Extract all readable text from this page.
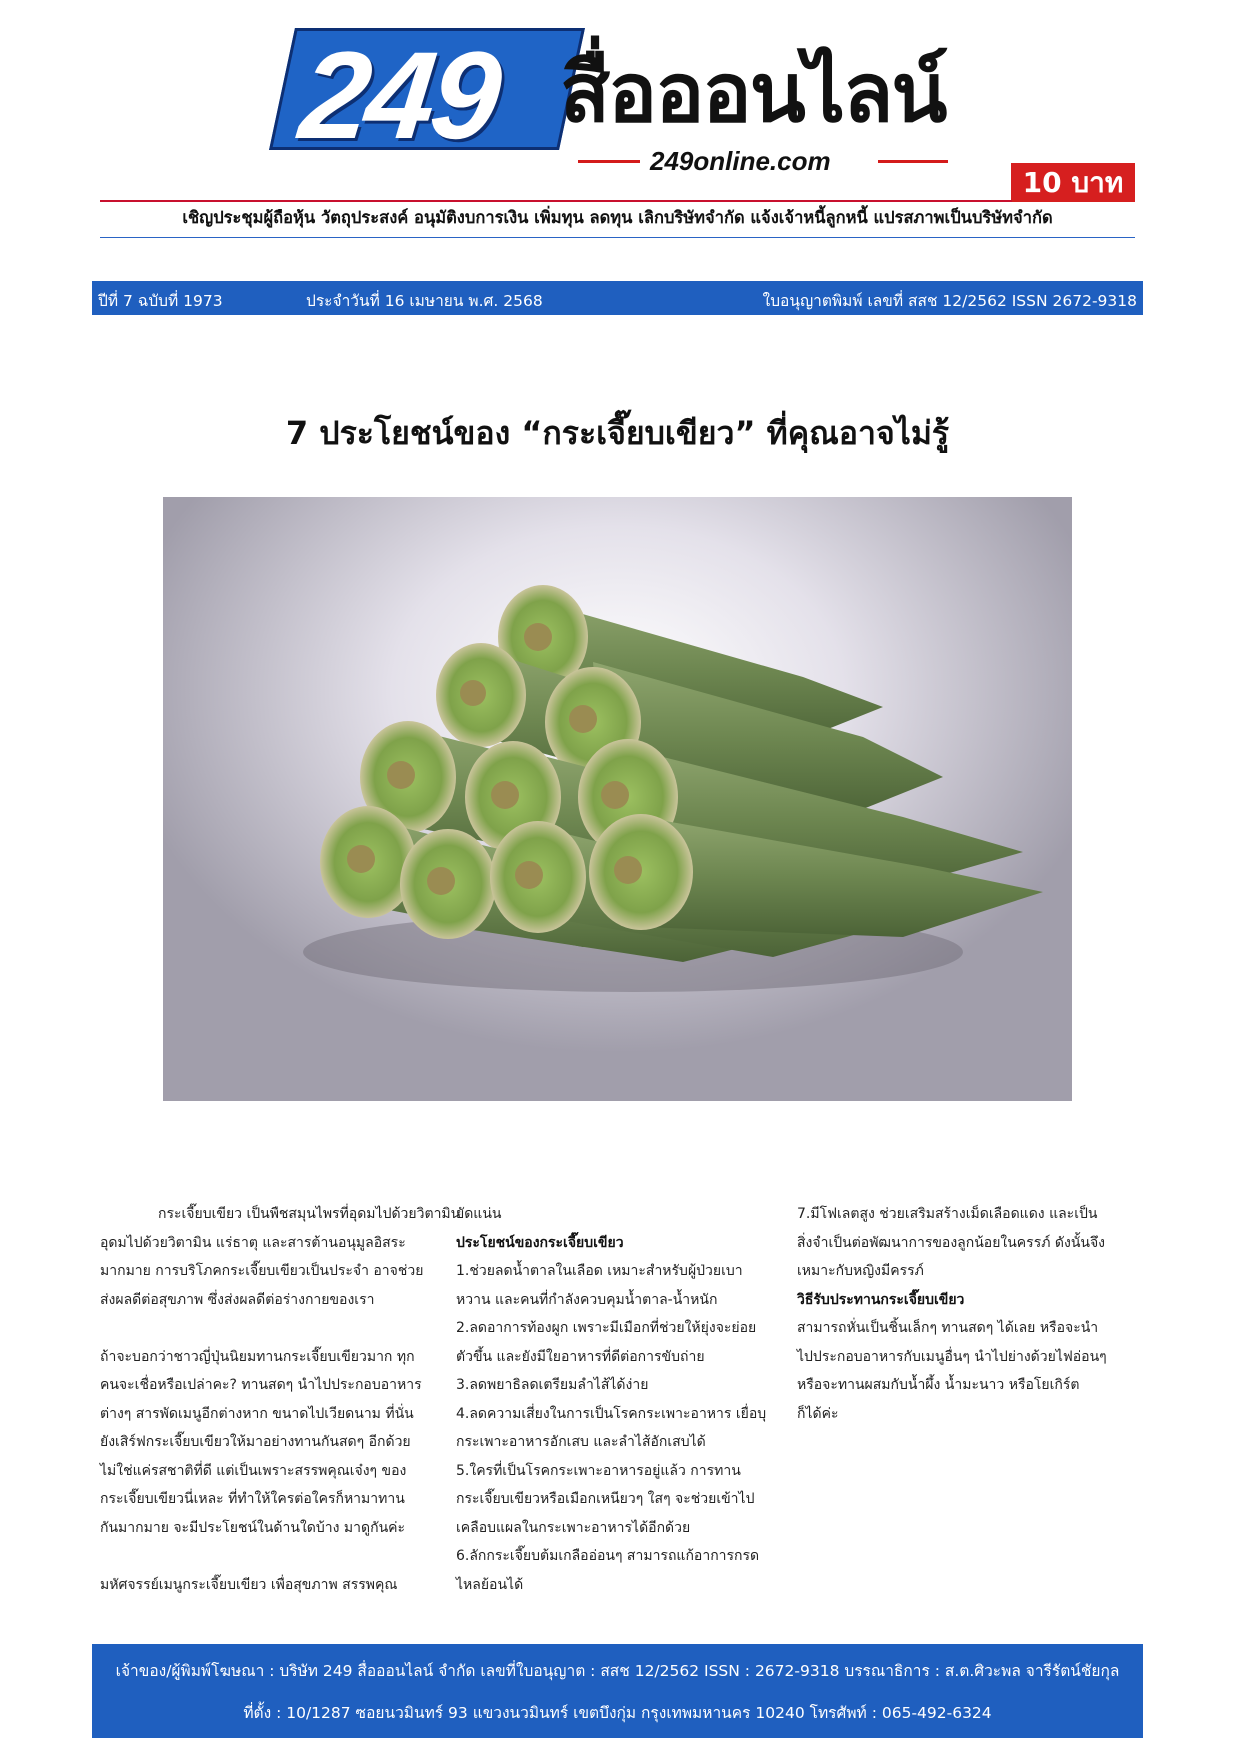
249 สื่อออนไลน์
249online.com
10 บาท
เชิญประชุมผู้ถือหุ้น วัตถุประสงค์ อนุมัติงบการเงิน เพิ่มทุน ลดทุน เลิกบริษัทจำกัด แจ้งเจ้าหนี้ลูกหนี้ แปรสภาพเป็นบริษัทจำกัด
ปีที่ 7 ฉบับที่ 1973	ประจำวันที่ 16 เมษายน พ.ศ. 2568	ใบอนุญาตพิมพ์ เลขที่ สสช 12/2562 ISSN 2672-9318
7 ประโยชน์ของ “กระเจี๊ยบเขียว” ที่คุณอาจไม่รู้

กระเจี๊ยบเขียว เป็นพืชสมุนไพรที่อุดมไปด้วยวิตามิน

อุดมไปด้วยวิตามิน แร่ธาตุ และสารต้านอนุมูลอิสระ

มากมาย การบริโภคกระเจี๊ยบเขียวเป็นประจำ อาจช่วย

ส่งผลดีต่อสุขภาพ ซึ่งส่งผลดีต่อร่างกายของเรา

ถ้าจะบอกว่าชาวญี่ปุ่นนิยมทานกระเจี๊ยบเขียวมาก ทุก

คนจะเชื่อหรือเปล่าคะ? ทานสดๆ นำไปประกอบอาหาร

ต่างๆ สารพัดเมนูอีกต่างหาก ขนาดไปเวียดนาม ที่นั่น

ยังเสิร์ฟกระเจี๊ยบเขียวให้มาอย่างทานกันสดๆ อีกด้วย

ไม่ใช่แค่รสชาติที่ดี แต่เป็นเพราะสรรพคุณเจ๋งๆ ของ

กระเจี๊ยบเขียวนี่เหละ ที่ทำให้ใครต่อใครก็หามาทาน

กันมากมาย จะมีประโยชน์ในด้านใดบ้าง มาดูกันค่ะ

มหัศจรรย์เมนูกระเจี๊ยบเขียว เพื่อสุขภาพ สรรพคุณ

ยัดแน่น

ประโยชน์ของกระเจี๊ยบเขียว

1.ช่วยลดน้ำตาลในเลือด เหมาะสำหรับผู้ป่วยเบา

หวาน และคนที่กำลังควบคุมน้ำตาล-น้ำหนัก

2.ลดอาการท้องผูก เพราะมีเมือกที่ช่วยให้ยุ่งจะย่อย

ตัวขึ้น และยังมีใยอาหารที่ดีต่อการขับถ่าย

3.ลดพยาธิลดเตรียมลำไส้ได้ง่าย

4.ลดความเสี่ยงในการเป็นโรคกระเพาะอาหาร เยื่อบุ

กระเพาะอาหารอักเสบ และลำไส้อักเสบได้

5.ใครที่เป็นโรคกระเพาะอาหารอยู่แล้ว การทาน

กระเจี๊ยบเขียวหรือเมือกเหนียวๆ ใสๆ จะช่วยเข้าไป

เคลือบแผลในกระเพาะอาหารได้อีกด้วย

6.ลักกระเจี๊ยบต้มเกลืออ่อนๆ สามารถแก้อาการกรด

ไหลย้อนได้

7.มีโฟเลตสูง ช่วยเสริมสร้างเม็ดเลือดแดง และเป็น

สิ่งจำเป็นต่อพัฒนาการของลูกน้อยในครรภ์ ดังนั้นจึง

เหมาะกับหญิงมีครรภ์

วิธีรับประทานกระเจี๊ยบเขียว

สามารถหั่นเป็นชิ้นเล็กๆ ทานสดๆ ได้เลย หรือจะนำ

ไปประกอบอาหารกับเมนูอื่นๆ นำไปย่างด้วยไฟอ่อนๆ

หรือจะทานผสมกับน้ำผึ้ง น้ำมะนาว หรือโยเกิร์ต

ก็ได้ค่ะ

เจ้าของ/ผู้พิมพ์โฆษณา : บริษัท 249 สื่อออนไลน์ จำกัด เลขที่ใบอนุญาต : สสช 12/2562 ISSN : 2672-9318 บรรณาธิการ : ส.ต.ศิวะพล จารีรัตน์ชัยกุล

ที่ตั้ง : 10/1287 ซอยนวมินทร์ 93 แขวงนวมินทร์ เขตบึงกุ่ม กรุงเทพมหานคร 10240 โทรศัพท์ : 065-492-6324
